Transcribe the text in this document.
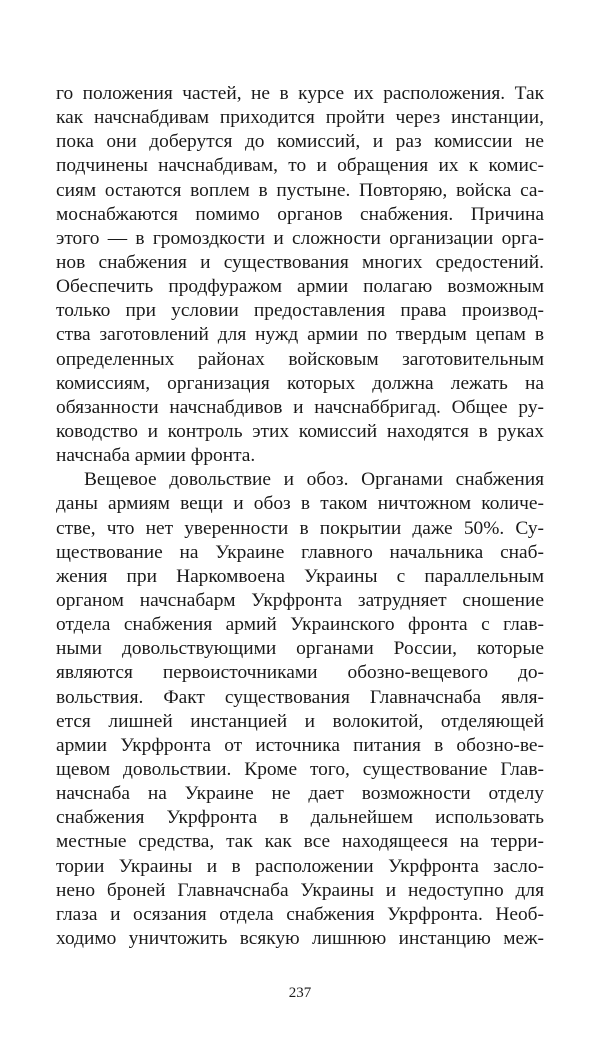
го положения частей, не в курсе их расположения. Так
как начснабдивам приходится пройти через инстанции,
пока они доберутся до комиссий, и раз комиссии не
подчинены начснабдивам, то и обращения их к комис-
сиям остаются воплем в пустыне. Повторяю, войска са-
моснабжаются помимо органов снабжения. Причина
этого — в громоздкости и сложности организации орга-
нов снабжения и существования многих средостений.
Обеспечить продфуражом армии полагаю возможным
только при условии предоставления права производ-
ства заготовлений для нужд армии по твердым цепам в
определенных районах войсковым заготовительным
комиссиям, организация которых должна лежать на
обязанности начснабдивов и начснаббригад. Общее ру-
ководство и контроль этих комиссий находятся в руках
начснаба армии фронта.
Вещевое довольствие и обоз. Органами снабжения
даны армиям вещи и обоз в таком ничтожном количе-
стве, что нет уверенности в покрытии даже 50%. Су-
ществование на Украине главного начальника снаб-
жения при Наркомвоена Украины с параллельным
органом начснабарм Укрфронта затрудняет сношение
отдела снабжения армий Украинского фронта с глав-
ными довольствующими органами России, которые
являются первоисточниками обозно-вещевого до-
вольствия. Факт существования Главначснаба явля-
ется лишней инстанцией и волокитой, отделяющей
армии Укрфронта от источника питания в обозно-ве-
щевом довольствии. Кроме того, существование Глав-
начснаба на Украине не дает возможности отделу
снабжения Укрфронта в дальнейшем использовать
местные средства, так как все находящееся на терри-
тории Украины и в расположении Укрфронта засло-
нено броней Главначснаба Украины и недоступно для
глаза и осязания отдела снабжения Укрфронта. Необ-
ходимо уничтожить всякую лишнюю инстанцию меж-
237
